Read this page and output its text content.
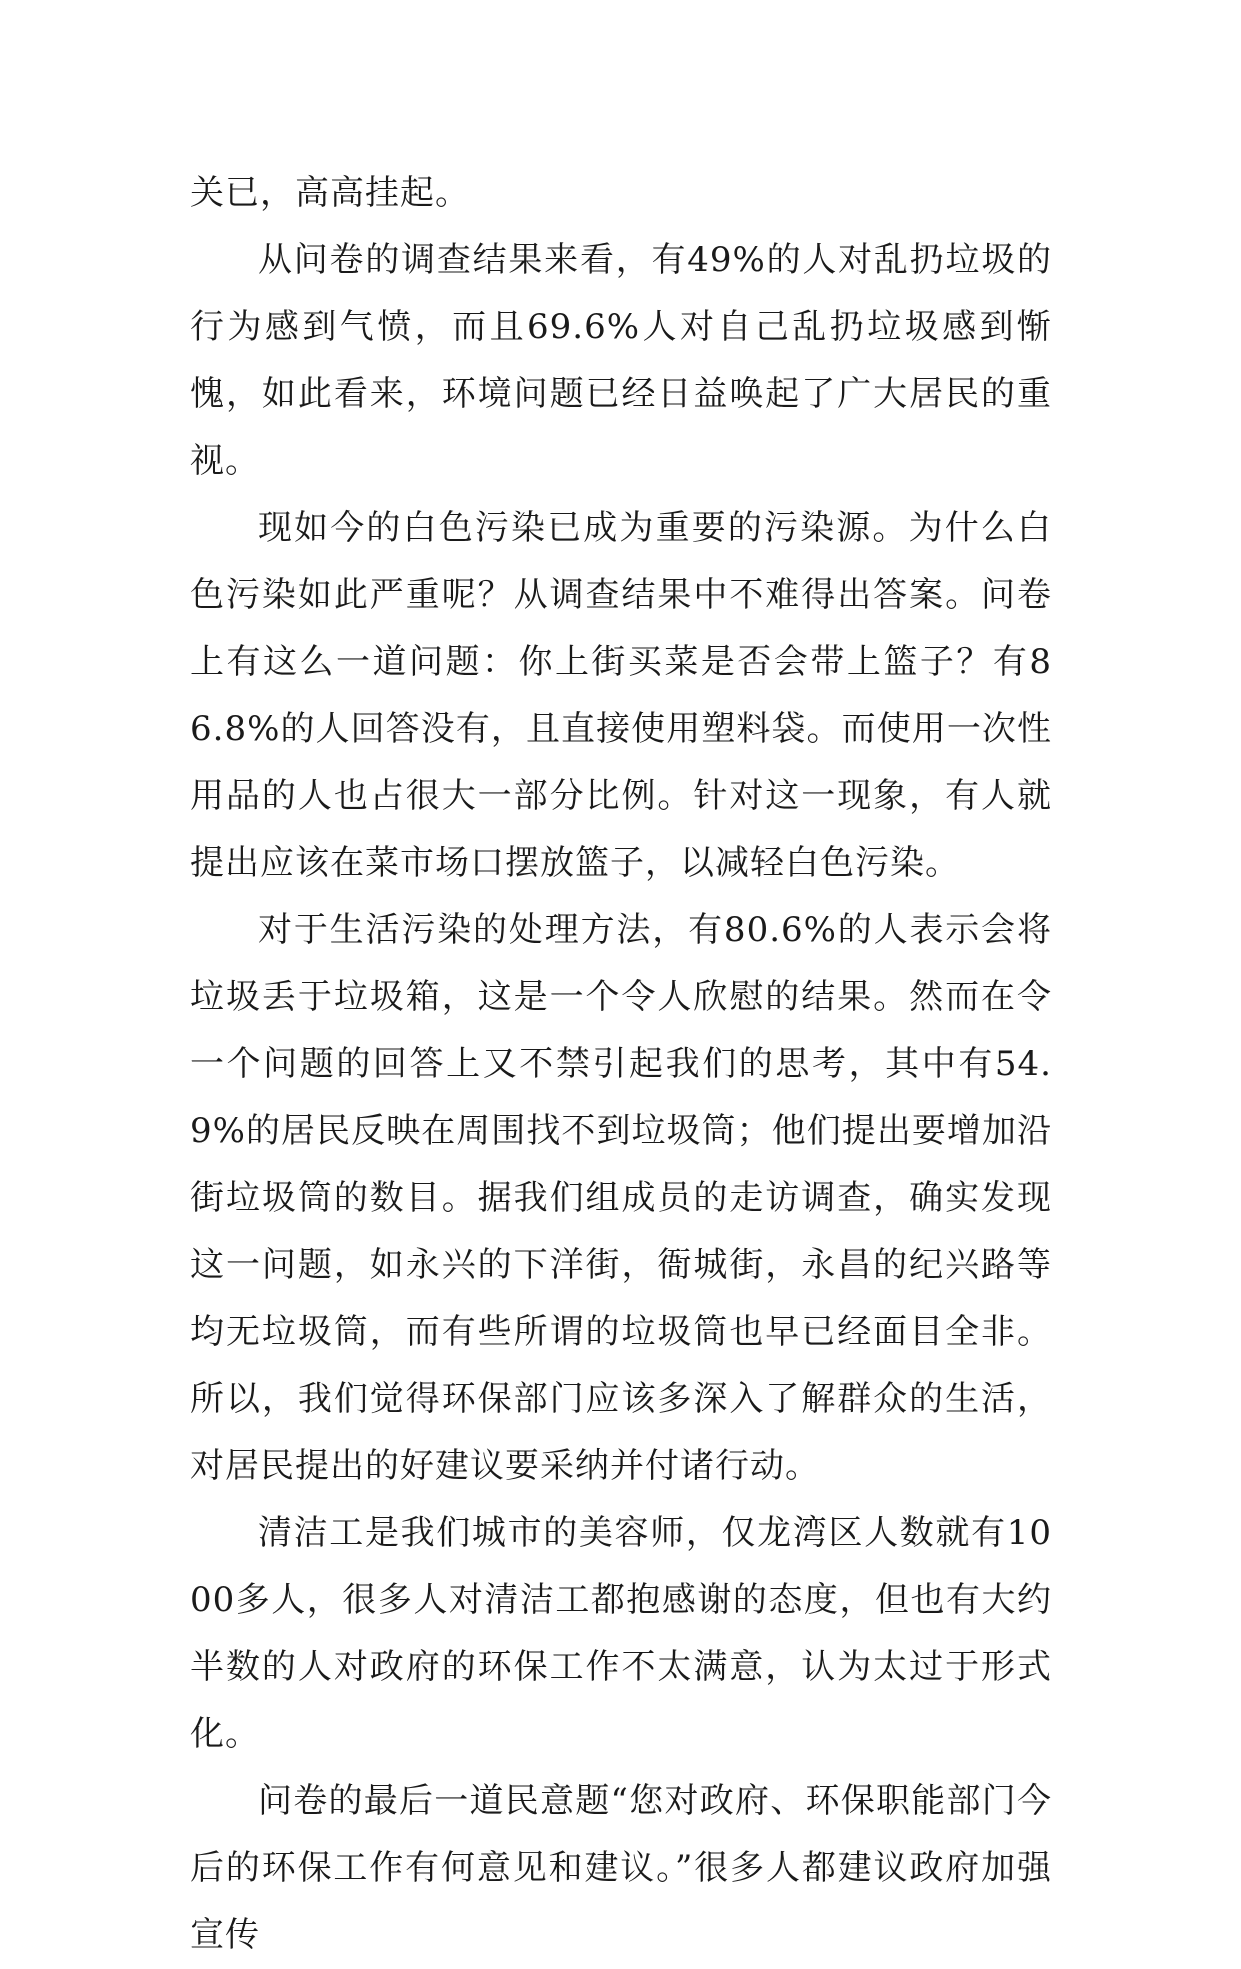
关已，高高挂起。

从问卷的调查结果来看，有49%的人对乱扔垃圾的行为感到气愤，而且69.6%人对自己乱扔垃圾感到惭愧，如此看来，环境问题已经日益唤起了广大居民的重视。

现如今的白色污染已成为重要的污染源。为什么白色污染如此严重呢？从调查结果中不难得出答案。问卷上有这么一道问题：你上街买菜是否会带上篮子？有86.8%的人回答没有，且直接使用塑料袋。而使用一次性用品的人也占很大一部分比例。针对这一现象，有人就提出应该在菜市场口摆放篮子，以减轻白色污染。

对于生活污染的处理方法，有80.6%的人表示会将垃圾丢于垃圾箱，这是一个令人欣慰的结果。然而在令一个问题的回答上又不禁引起我们的思考，其中有54.9%的居民反映在周围找不到垃圾筒；他们提出要增加沿街垃圾筒的数目。据我们组成员的走访调查，确实发现这一问题，如永兴的下洋街，衙城街，永昌的纪兴路等均无垃圾筒，而有些所谓的垃圾筒也早已经面目全非。所以，我们觉得环保部门应该多深入了解群众的生活，对居民提出的好建议要采纳并付诸行动。

清洁工是我们城市的美容师，仅龙湾区人数就有1000多人，很多人对清洁工都抱感谢的态度，但也有大约半数的人对政府的环保工作不太满意，认为太过于形式化。

问卷的最后一道民意题“您对政府、环保职能部门今后的环保工作有何意见和建议。”很多人都建议政府加强宣传
